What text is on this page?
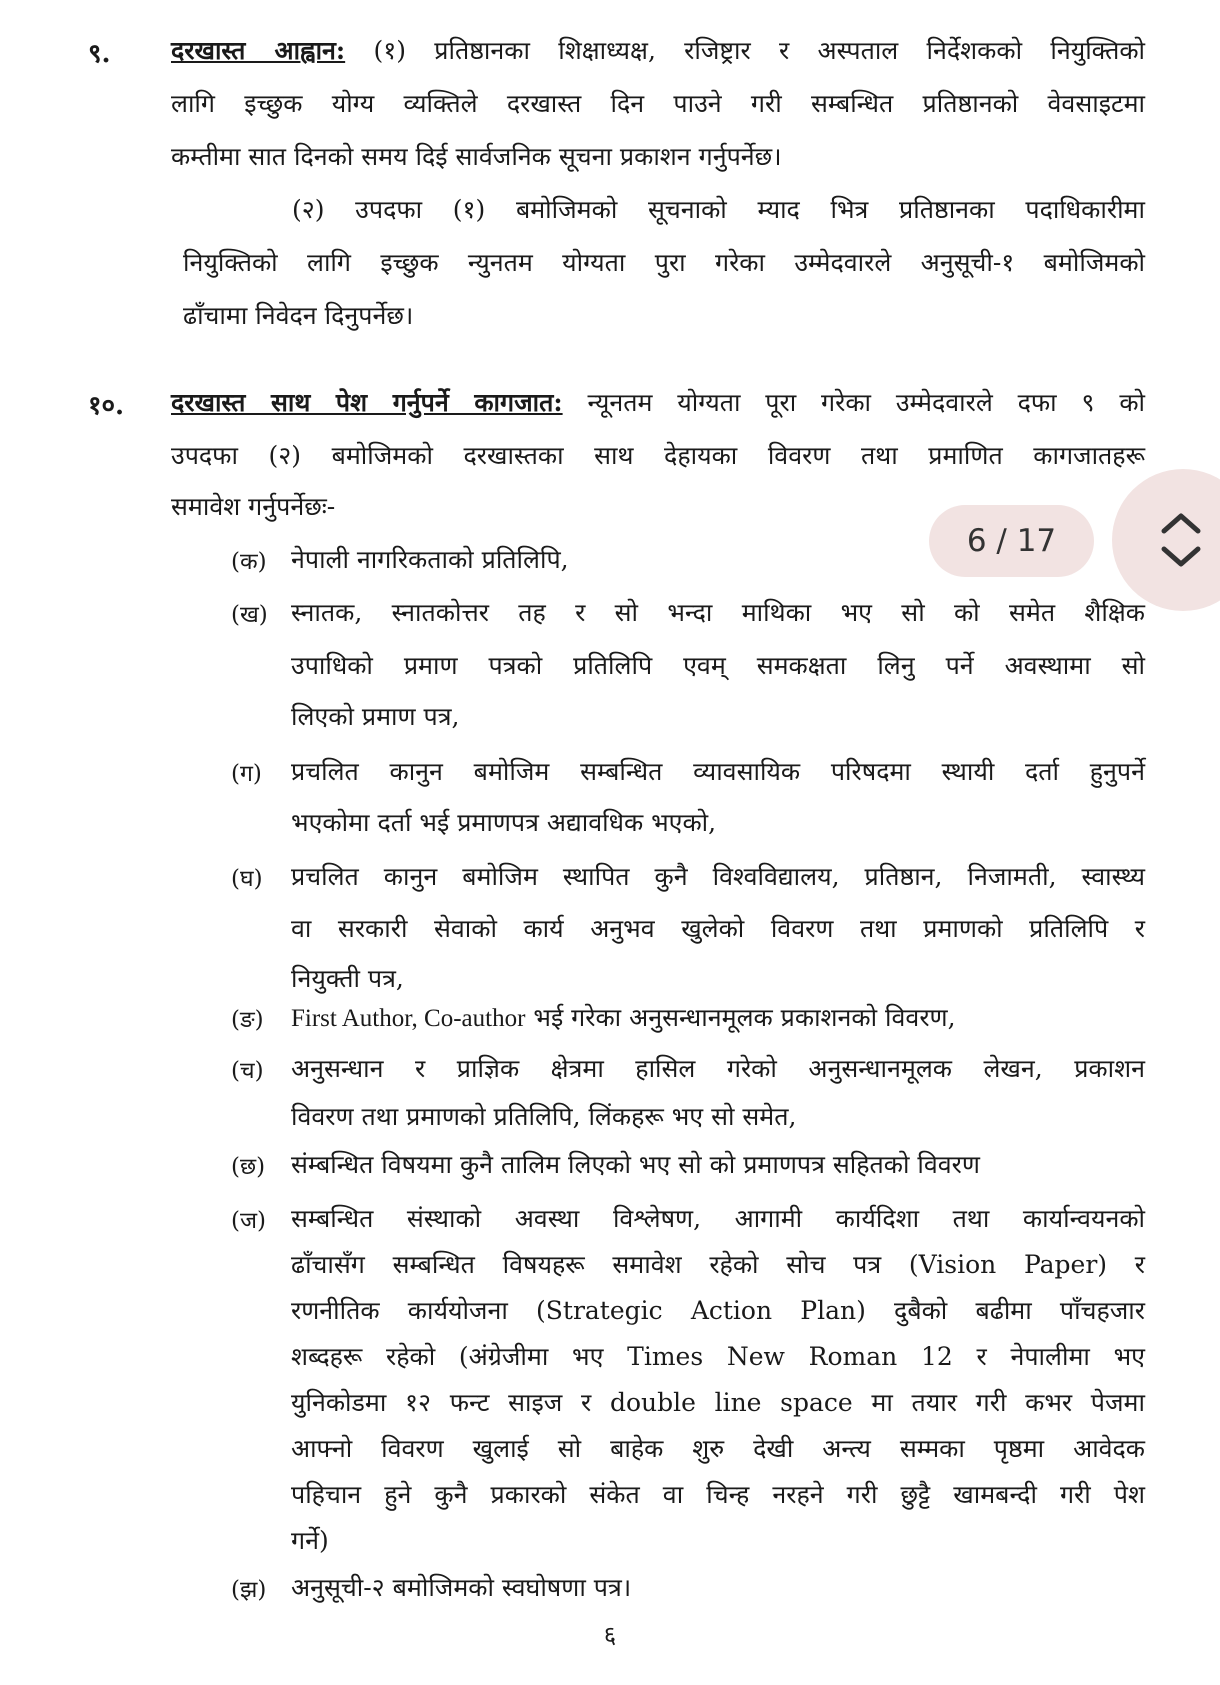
९. दरखास्त आह्वान: (१) प्रतिष्ठानका शिक्षाध्यक्ष, रजिष्ट्रार र अस्पताल निर्देशकको नियुक्तिको
लागि इच्छुक योग्य व्यक्तिले दरखास्त दिन पाउने गरी सम्बन्धित प्रतिष्ठानको वेवसाइटमा
कम्तीमा सात दिनको समय दिई सार्वजनिक सूचना प्रकाशन गर्नुपर्नेछ।
(२) उपदफा (१) बमोजिमको सूचनाको म्याद भित्र प्रतिष्ठानका पदाधिकारीमा
नियुक्तिको लागि इच्छुक न्युनतम योग्यता पुरा गरेका उम्मेदवारले अनुसूची-१ बमोजिमको
ढाँचामा निवेदन दिनुपर्नेछ।
१०. दरखास्त साथ पेश गर्नुपर्ने कागजात: न्यूनतम योग्यता पूरा गरेका उम्मेदवारले दफा ९ को
उपदफा (२) बमोजिमको दरखास्तका साथ देहायका विवरण तथा प्रमाणित कागजातहरू
समावेश गर्नुपर्नेछः-
(क) नेपाली नागरिकताको प्रतिलिपि,
(ख) स्नातक, स्नातकोत्तर तह र सो भन्दा माथिका भए सो को समेत शैक्षिक
उपाधिको प्रमाण पत्रको प्रतिलिपि एवम् समकक्षता लिनु पर्ने अवस्थामा सो
लिएको प्रमाण पत्र,
(ग) प्रचलित कानुन बमोजिम सम्बन्धित व्यावसायिक परिषदमा स्थायी दर्ता हुनुपर्ने
भएकोमा दर्ता भई प्रमाणपत्र अद्यावधिक भएको,
(घ) प्रचलित कानुन बमोजिम स्थापित कुनै विश्वविद्यालय, प्रतिष्ठान, निजामती, स्वास्थ्य
वा सरकारी सेवाको कार्य अनुभव खुलेको विवरण तथा प्रमाणको प्रतिलिपि र
नियुक्ती पत्र,
(ङ) First Author, Co-author भई गरेका अनुसन्धानमूलक प्रकाशनको विवरण,
(च) अनुसन्धान र प्राज्ञिक क्षेत्रमा हासिल गरेको अनुसन्धानमूलक लेखन, प्रकाशन
विवरण तथा प्रमाणको प्रतिलिपि, लिंकहरू भए सो समेत,
(छ) संम्बन्धित विषयमा कुनै तालिम लिएको भए सो को प्रमाणपत्र सहितको विवरण
(ज) सम्बन्धित संस्थाको अवस्था विश्लेषण, आगामी कार्यदिशा तथा कार्यान्वयनको
ढाँचासँग सम्बन्धित विषयहरू समावेश रहेको सोच पत्र (Vision Paper) र
रणनीतिक कार्ययोजना (Strategic Action Plan) दुबैको बढीमा पाँचहजार
शब्दहरू रहेको (अंग्रेजीमा भए Times New Roman 12 र नेपालीमा भए
युनिकोडमा १२ फन्ट साइज र double line space मा तयार गरी कभर पेजमा
आफ्नो विवरण खुलाई सो बाहेक शुरु देखी अन्त्य सम्मका पृष्ठमा आवेदक
पहिचान हुने कुनै प्रकारको संकेत वा चिन्ह नरहने गरी छुट्टै खामबन्दी गरी पेश
गर्ने)
(झ) अनुसूची-२ बमोजिमको स्वघोषणा पत्र।
६
6 / 17
